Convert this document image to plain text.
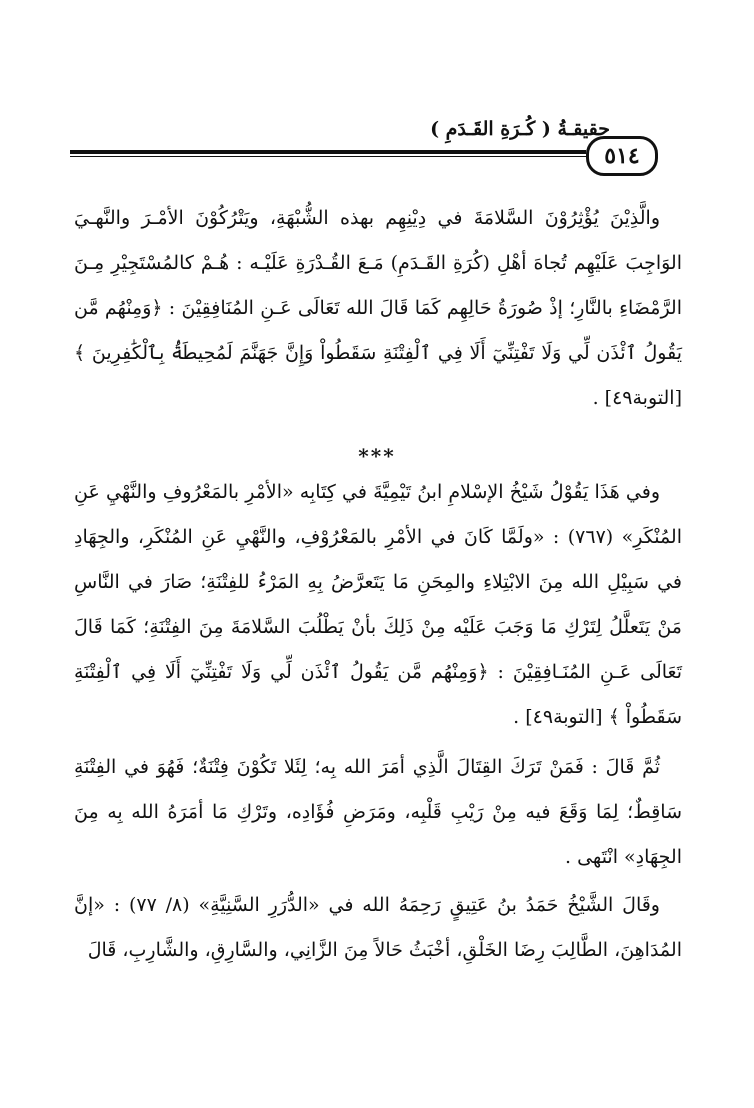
حقيقـةُ ( كُـرَةِ القَـدَمِ )
٥١٤
والَّذِيْنَ يُؤْثِرُوْنَ السَّلامَةَ في دِيْنِهِم بهذه الشُّبْهَةِ، ويَتْرُكُوْنَ الأمْـرَ والنَّهـيَ الوَاجِبَ عَلَيْهِم تُجاهَ أهْلِ (كُرَةِ القَـدَمِ) مَـعَ القُـدْرَةِ عَلَيْـه : هُـمْ كالمُسْتَجِيْرِ مِـنَ الرَّمْضَاءِ بالنَّارِ؛ إذْ صُورَةُ حَالِهِم كَمَا قَالَ الله تَعَالَى عَـنِ المُنَافِقِيْنَ : ﴿وَمِنْهُم مَّن يَقُولُ ٱئْذَن لِّي وَلَا تَفْتِنِّيٓ أَلَا فِي ٱلْفِتْنَةِ سَقَطُواْ وَإِنَّ جَهَنَّمَ لَمُحِيطَةُۢ بِٱلْكَٰفِرِينَ ﴾ [التوبة٤٩] .
***
وفي هَذَا يَقُوْلُ شَيْخُ الإسْلامِ ابنُ تَيْمِيَّةَ في كِتَابِه «الأمْرِ بالمَعْرُوفِ والنَّهْيِ عَنِ المُنْكَرِ» (٧٦٧) : «ولَمَّا كَانَ في الأمْرِ بالمَعْرُوْفِ، والنَّهْيِ عَنِ المُنْكَرِ، والجِهَادِ في سَبِيْلِ الله مِنَ الابْتِلاءِ والمِحَنِ مَا يَتَعرَّضُ بِهِ المَرْءُ للفِتْنَةِ؛ صَارَ في النَّاسِ مَنْ يَتَعلَّلُ لِتَرْكِ مَا وَجَبَ عَلَيْه مِنْ ذَلِكَ بأنْ يَطْلُبَ السَّلامَةَ مِنَ الفِتْنَةِ؛ كَمَا قَالَ تَعَالَى عَـنِ المُنَـافِقِيْنَ : ﴿وَمِنْهُم مَّن يَقُولُ ٱئْذَن لِّي وَلَا تَفْتِنِّيٓ أَلَا فِي ٱلْفِتْنَةِ سَقَطُواْ ﴾ [التوبة٤٩] .
ثُمَّ قَالَ : فَمَنْ تَرَكَ القِتَالَ الَّذِي أمَرَ الله بِه؛ لِئَلا تَكُوْنَ فِتْنَةٌ؛ فَهُوَ في الفِتْنَةِ سَاقِطٌ؛ لِمَا وَقَعَ فيه مِنْ رَيْبِ قَلْبِه، ومَرَضِ فُؤَادِه، وتَرْكِ مَا أمَرَهُ الله بِه مِنَ الجِهَادِ» انْتَهى .
وقَالَ الشَّيْخُ حَمَدُ بنُ عَتِيقٍ رَحِمَهُ الله في «الدُّرَرِ السَّنِيَّةِ» (٨/ ٧٧) : «إنَّ المُدَاهِنَ، الطَّالِبَ رِضَا الخَلْقِ، أخْبَثُ حَالاً مِنَ الزَّانِي، والسَّارِقِ، والشَّارِبِ، قَالَ
